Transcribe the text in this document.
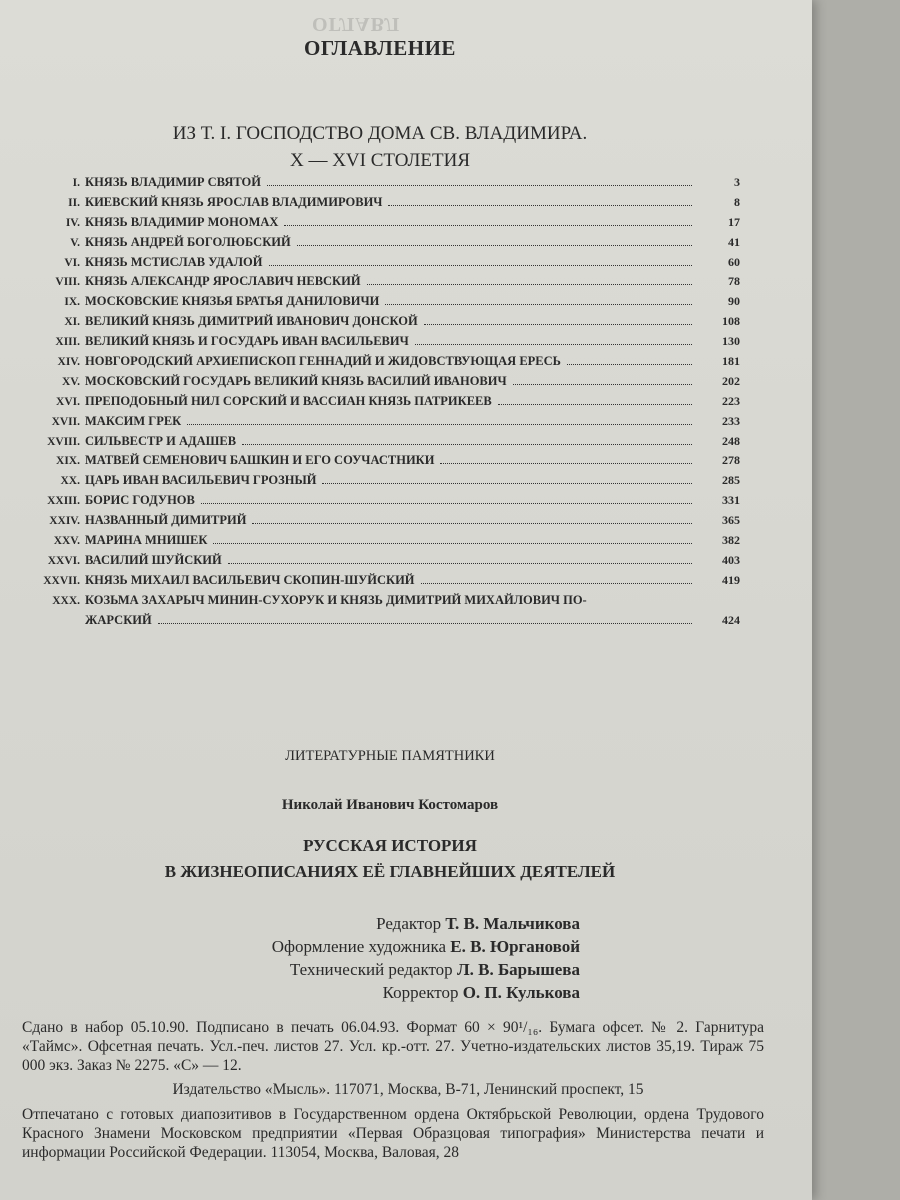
ОГЛАВЛ
ОГЛАВЛЕНИЕ
ИЗ Т. I. ГОСПОДСТВО ДОМА СВ. ВЛАДИМИРА.
X — XVI СТОЛЕТИЯ
I. КНЯЗЬ ВЛАДИМИР СВЯТОЙ	3
II. КИЕВСКИЙ КНЯЗЬ ЯРОСЛАВ ВЛАДИМИРОВИЧ	8
IV. КНЯЗЬ ВЛАДИМИР МОНОМАХ	17
V. КНЯЗЬ АНДРЕЙ БОГОЛЮБСКИЙ	41
VI. КНЯЗЬ МСТИСЛАВ УДАЛОЙ	60
VIII. КНЯЗЬ АЛЕКСАНДР ЯРОСЛАВИЧ НЕВСКИЙ	78
IX. МОСКОВСКИЕ КНЯЗЬЯ БРАТЬЯ ДАНИЛОВИЧИ	90
XI. ВЕЛИКИЙ КНЯЗЬ ДИМИТРИЙ ИВАНОВИЧ ДОНСКОЙ	108
XIII. ВЕЛИКИЙ КНЯЗЬ И ГОСУДАРЬ ИВАН ВАСИЛЬЕВИЧ	130
XIV. НОВГОРОДСКИЙ АРХИЕПИСКОП ГЕННАДИЙ И ЖИДОВСТВУЮЩАЯ ЕРЕСЬ	181
XV. МОСКОВСКИЙ ГОСУДАРЬ ВЕЛИКИЙ КНЯЗЬ ВАСИЛИЙ ИВАНОВИЧ	202
XVI. ПРЕПОДОБНЫЙ НИЛ СОРСКИЙ И ВАССИАН КНЯЗЬ ПАТРИКЕЕВ	223
XVII. МАКСИМ ГРЕК	233
XVIII. СИЛЬВЕСТР И АДАШЕВ	248
XIX. МАТВЕЙ СЕМЕНОВИЧ БАШКИН И ЕГО СОУЧАСТНИКИ	278
XX. ЦАРЬ ИВАН ВАСИЛЬЕВИЧ ГРОЗНЫЙ	285
XXIII. БОРИС ГОДУНОВ	331
XXIV. НАЗВАННЫЙ ДИМИТРИЙ	365
XXV. МАРИНА МНИШЕК	382
XXVI. ВАСИЛИЙ ШУЙСКИЙ	403
XXVII. КНЯЗЬ МИХАИЛ ВАСИЛЬЕВИЧ СКОПИН-ШУЙСКИЙ	419
XXX. КОЗЬМА ЗАХАРЫЧ МИНИН-СУХОРУК И КНЯЗЬ ДИМИТРИЙ МИХАЙЛОВИЧ ПО-
ЖАРСКИЙ	424
ЛИТЕРАТУРНЫЕ ПАМЯТНИКИ
Николай Иванович Костомаров
РУССКАЯ ИСТОРИЯ
В ЖИЗНЕОПИСАНИЯХ ЕЁ ГЛАВНЕЙШИХ ДЕЯТЕЛЕЙ
Редактор Т. В. Мальчикова
Оформление художника Е. В. Юргановой
Технический редактор Л. В. Барышева
Корректор О. П. Кулькова
Сдано в набор 05.10.90. Подписано в печать 06.04.93. Формат 60 × 90¹/₁₆. Бумага офсет. № 2. Гарнитура «Таймс». Офсетная печать. Усл.-печ. листов 27. Усл. кр.-отт. 27. Учетно-издательских листов 35,19. Тираж 75 000 экз. Заказ № 2275. «С» — 12.
Издательство «Мысль». 117071, Москва, В-71, Ленинский проспект, 15
Отпечатано с готовых диапозитивов в Государственном ордена Октябрьской Революции, ордена Трудового Красного Знамени Московском предприятии «Первая Образцовая типография» Министерства печати и информации Российской Федерации. 113054, Москва, Валовая, 28
